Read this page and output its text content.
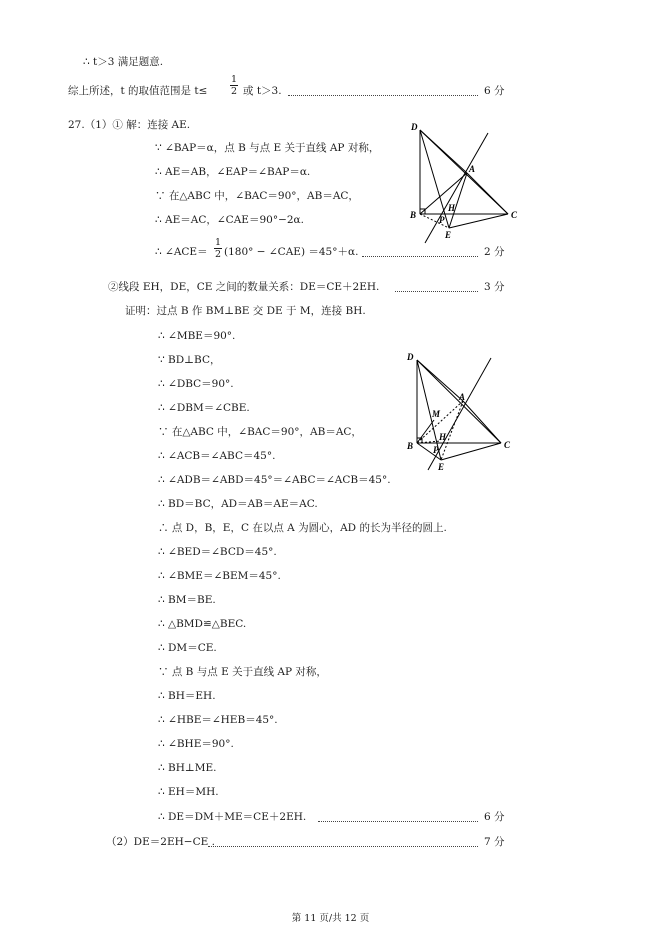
∴ t＞3 满足题意.
综上所述，t 的取值范围是 $t\le \frac{1}{2}$ 或 t＞3.	6 分
27.（1）① 解：连接 AE.
∵ ∠BAP＝α，点 B 与点 E 关于直线 AP 对称，
∴ AE＝AB，∠EAP＝∠BAP＝α.
∵ 在△ABC 中，∠BAC＝90°，AB＝AC，
∴ AE＝AC，∠CAE＝90°−2α.
∴ ∠ACE＝ $\frac{1}{2} (180^\circ$ − ∠CAE) ＝45°＋α.	2 分
②线段 EH，DE，CE 之间的数量关系：DE＝CE＋2EH.	3 分
证明：过点 B 作 BM⊥BE 交 DE 于 M，连接 BH.
∴ ∠MBE＝90°.
∵ BD⊥BC，
∴ ∠DBC＝90°.
∴ ∠DBM＝∠CBE.
∵ 在△ABC 中，∠BAC＝90°，AB＝AC，
∴ ∠ACB＝∠ABC＝45°.
∴ ∠ADB＝∠ABD＝45°＝∠ABC＝∠ACB＝45°.
∴ BD＝BC，AD＝AB＝AE＝AC.
∴ 点 D，B，E，C 在以点 A 为圆心，AD 的长为半径的圆上.
∴ ∠BED＝∠BCD＝45°.
∴ ∠BME＝∠BEM＝45°.
∴ BM＝BE.
∴ △BMD≌△BEC.
∴ DM＝CE.
∵ 点 B 与点 E 关于直线 AP 对称，
∴ BH＝EH.
∴ ∠HBE＝∠HEB＝45°.
∴ ∠BHE＝90°.
∴ BH⊥ME.
∴ EH＝MH.
∴ DE＝DM＋ME＝CE＋2EH.	6 分
（2）DE＝2EH−CE .	7 分
D
A
H
B	P	C
E
D
M
A
B
H
P	C
E
第 11 页/共 12 页
